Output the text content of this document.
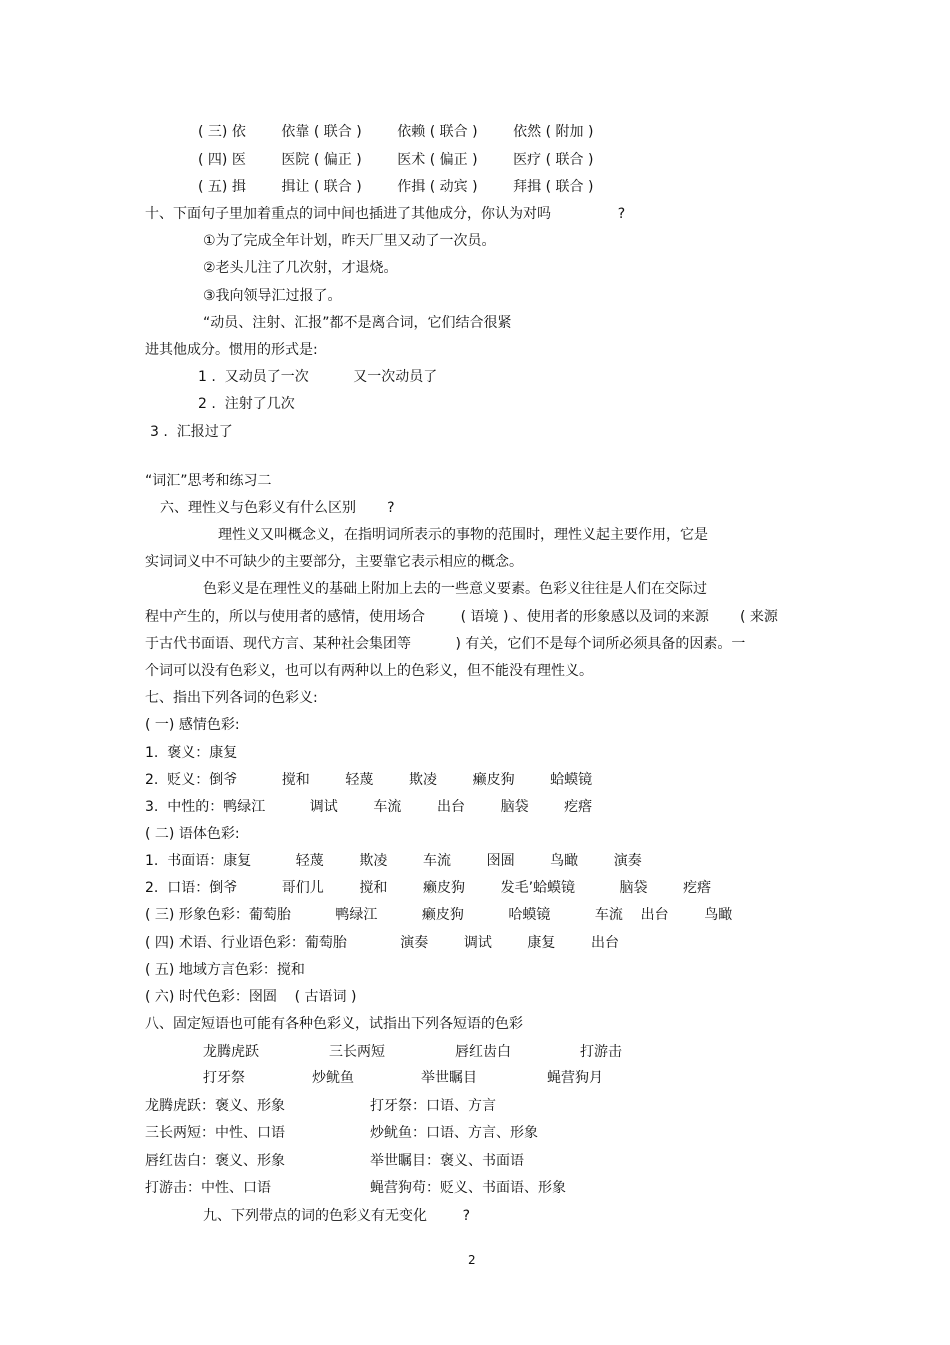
( 三) 依        依靠 ( 联合 )        依赖 ( 联合 )        依然 ( 附加 )
( 四) 医        医院 ( 偏正 )        医术 ( 偏正 )        医疗 ( 联合 )
( 五) 揖        揖让 ( 联合 )        作揖 ( 动宾 )        拜揖 ( 联合 )
十、下面句子里加着重点的词中间也插进了其他成分，你认为对吗               ?
①为了完成全年计划，昨天厂里又动了一次员。
②老头儿注了几次射，才退烧。
③我向领导汇过报了。
“动员、注射、汇报”都不是离合词，它们结合很紧
进其他成分。惯用的形式是:
1 .  又动员了一次          又一次动员了
2 .  注射了几次
3 .  汇报过了
“词汇”思考和练习二
六、理性义与色彩义有什么区别       ?
理性义又叫概念义，在指明词所表示的事物的范围时，理性义起主要作用，它是
实词词义中不可缺少的主要部分，主要靠它表示相应的概念。
色彩义是在理性义的基础上附加上去的一些意义要素。色彩义往往是人们在交际过
程中产生的，所以与使用者的感情，使用场合        ( 语境 ) 、使用者的形象感以及词的来源       ( 来源
于古代书面语、现代方言、某种社会集团等          ) 有关，它们不是每个词所必须具备的因素。一
个词可以没有色彩义，也可以有两种以上的色彩义，但不能没有理性义。
七、指出下列各词的色彩义:
( 一) 感情色彩:
1.  褒义：康复
2.  贬义：倒爷          搅和        轻蔑        欺凌        癞皮狗        蛤蟆镜
3.  中性的：鸭绿江          调试        车流        出台        脑袋        疙瘩
( 二) 语体色彩:
1.  书面语：康复          轻蔑        欺凌        车流        囹圄        鸟瞰        演奏
2.  口语：倒爷          哥们儿        搅和        癞皮狗        发毛’蛤蟆镜          脑袋        疙瘩
( 三) 形象色彩：葡萄胎          鸭绿江          癞皮狗          哈蟆镜          车流    出台        鸟瞰
( 四) 术语、行业语色彩：葡萄胎            演奏        调试        康复        出台
( 五) 地域方言色彩：搅和
( 六) 时代色彩：囹圄    ( 古语词 )
八、固定短语也可能有各种色彩义，试指出下列各短语的色彩
龙腾虎跃	三长两短	唇红齿白	打游击
打牙祭	炒鱿鱼	举世瞩目	蝇营狗月
龙腾虎跃：褒义、形象	打牙祭：口语、方言
三长两短：中性、口语	炒鱿鱼：口语、方言、形象
唇红齿白：褒义、形象	举世瞩目：褒义、书面语
打游击：中性、口语	蝇营狗苟：贬义、书面语、形象
九、下列带点的词的色彩义有无变化        ?
2
